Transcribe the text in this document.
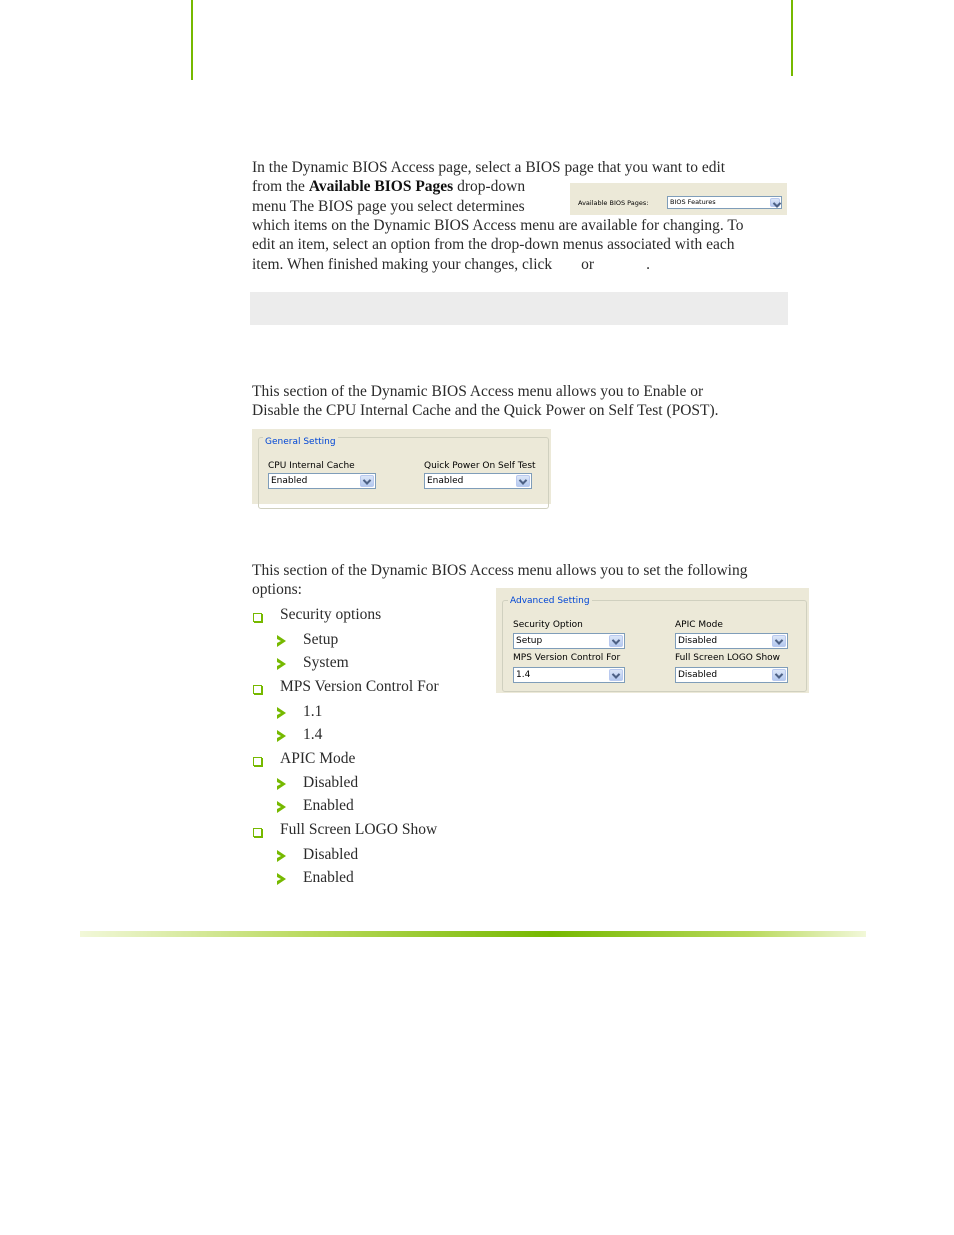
In the Dynamic BIOS Access page, select a BIOS page that you want to edit

from the Available BIOS Pages drop-down

menu The BIOS page you select determines

which items on the Dynamic BIOS Access menu are available for changing. To

edit an item, select an option from the drop-down menus associated with each

item. When finished making your changes, click or	.

Available BIOS Pages:	BIOS Features

This section of the Dynamic BIOS Access menu allows you to Enable or

Disable the CPU Internal Cache and the Quick Power on Self Test (POST).

General Setting
CPU Internal Cache
Enabled
Quick Power On Self Test
Enabled

This section of the Dynamic BIOS Access menu allows you to set the following

options:

Advanced Setting
Security Option
Setup
APIC Mode
Disabled
MPS Version Control For
1.4
Full Screen LOGO Show
Disabled
Security options
Setup
System
MPS Version Control For
1.1
1.4
APIC Mode
Disabled
Enabled
Full Screen LOGO Show
Disabled
Enabled
